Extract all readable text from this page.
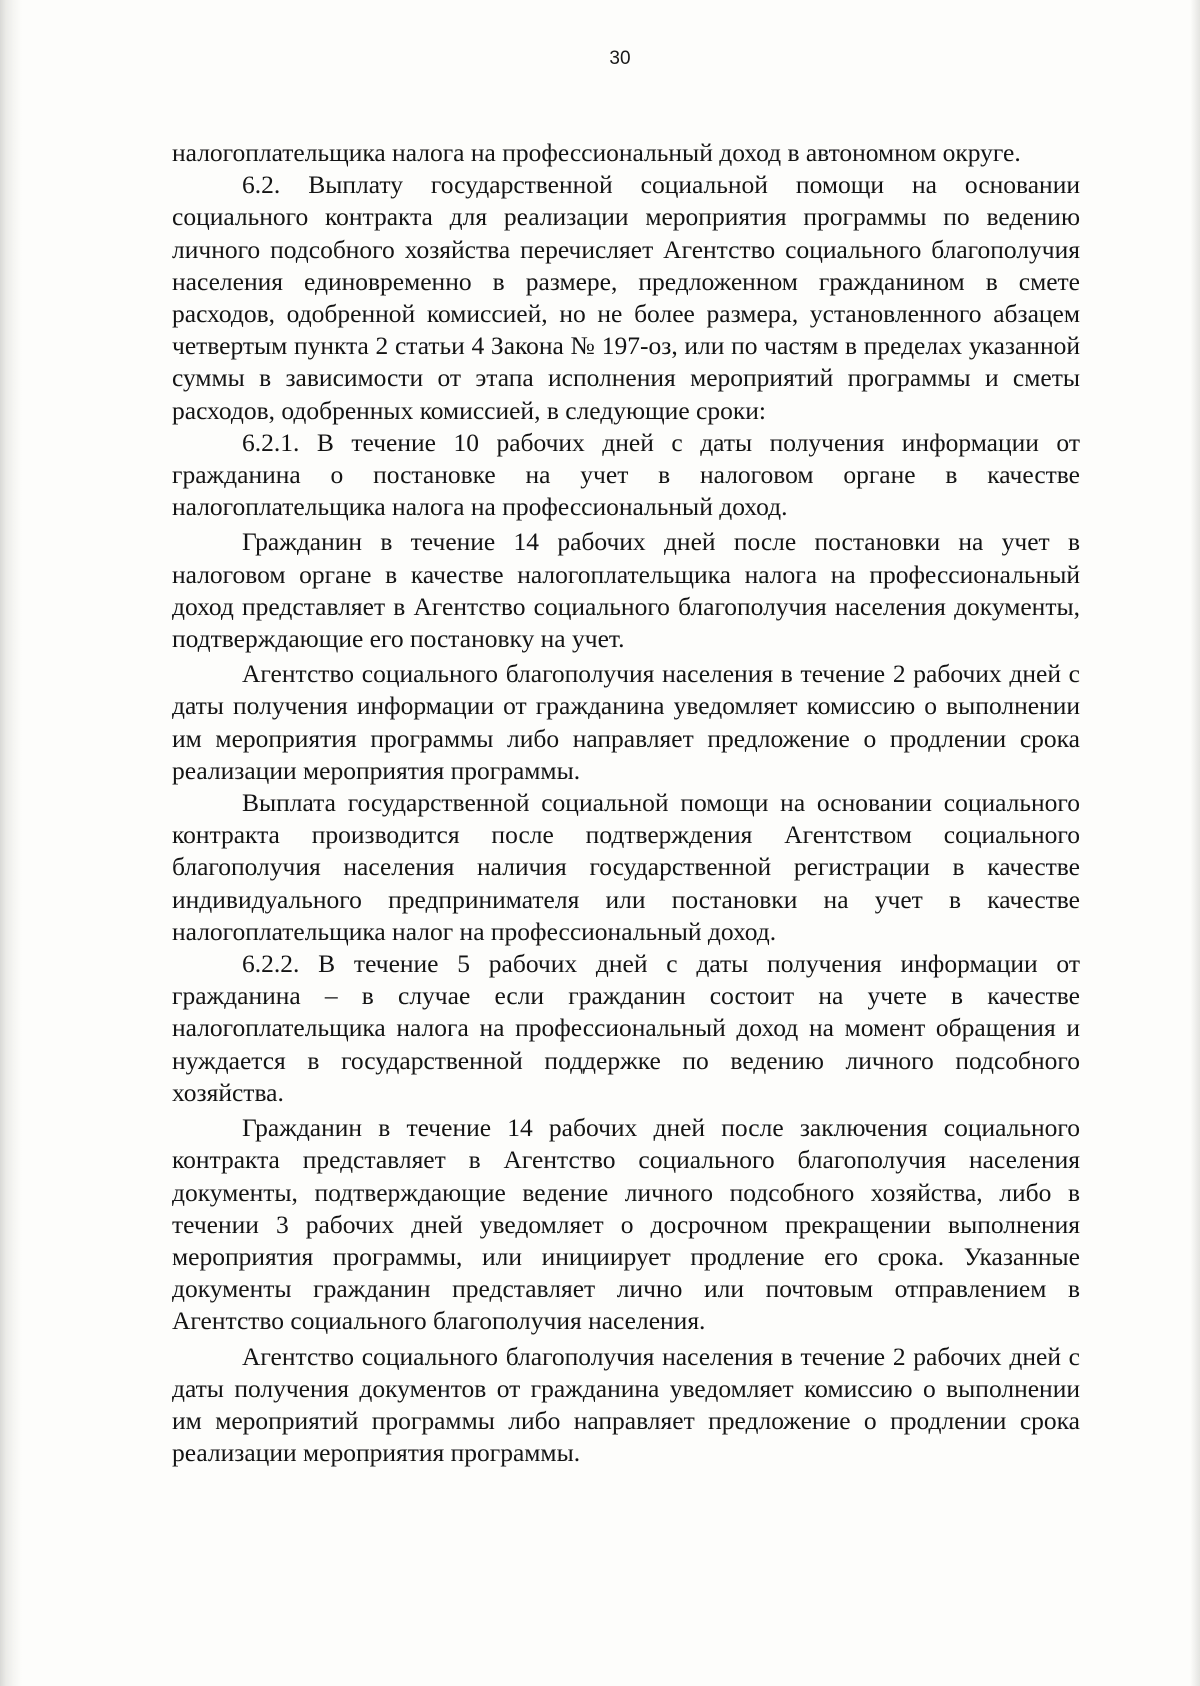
30

налогоплательщика налога на профессиональный доход в автономном округе.

6.2. Выплату государственной социальной помощи на основании социального контракта для реализации мероприятия программы по ведению личного подсобного хозяйства перечисляет Агентство социального благополучия населения единовременно в размере, предложенном гражданином в смете расходов, одобренной комиссией, но не более размера, установленного абзацем четвертым пункта 2 статьи 4 Закона № 197-оз, или по частям в пределах указанной суммы в зависимости от этапа исполнения мероприятий программы и сметы расходов, одобренных комиссией, в следующие сроки:

6.2.1. В течение 10 рабочих дней с даты получения информации от гражданина о постановке на учет в налоговом органе в качестве налогоплательщика налога на профессиональный доход.

Гражданин в течение 14 рабочих дней после постановки на учет в налоговом органе в качестве налогоплательщика налога на профессиональный доход представляет в Агентство социального благополучия населения документы, подтверждающие его постановку на учет.

Агентство социального благополучия населения в течение 2 рабочих дней с даты получения информации от гражданина уведомляет комиссию о выполнении им мероприятия программы либо направляет предложение о продлении срока реализации мероприятия программы.

Выплата государственной социальной помощи на основании социального контракта производится после подтверждения Агентством социального благополучия населения наличия государственной регистрации в качестве индивидуального предпринимателя или постановки на учет в качестве налогоплательщика налог на профессиональный доход.

6.2.2. В течение 5 рабочих дней с даты получения информации от гражданина – в случае если гражданин состоит на учете в качестве налогоплательщика налога на профессиональный доход на момент обращения и нуждается в государственной поддержке по ведению личного подсобного хозяйства.

Гражданин в течение 14 рабочих дней после заключения социального контракта представляет в Агентство социального благополучия населения документы, подтверждающие ведение личного подсобного хозяйства, либо в течении 3 рабочих дней уведомляет о досрочном прекращении выполнения мероприятия программы, или инициирует продление его срока. Указанные документы гражданин представляет лично или почтовым отправлением в Агентство социального благополучия населения.

Агентство социального благополучия населения в течение 2 рабочих дней с даты получения документов от гражданина уведомляет комиссию о выполнении им мероприятий программы либо направляет предложение о продлении срока реализации мероприятия программы.
